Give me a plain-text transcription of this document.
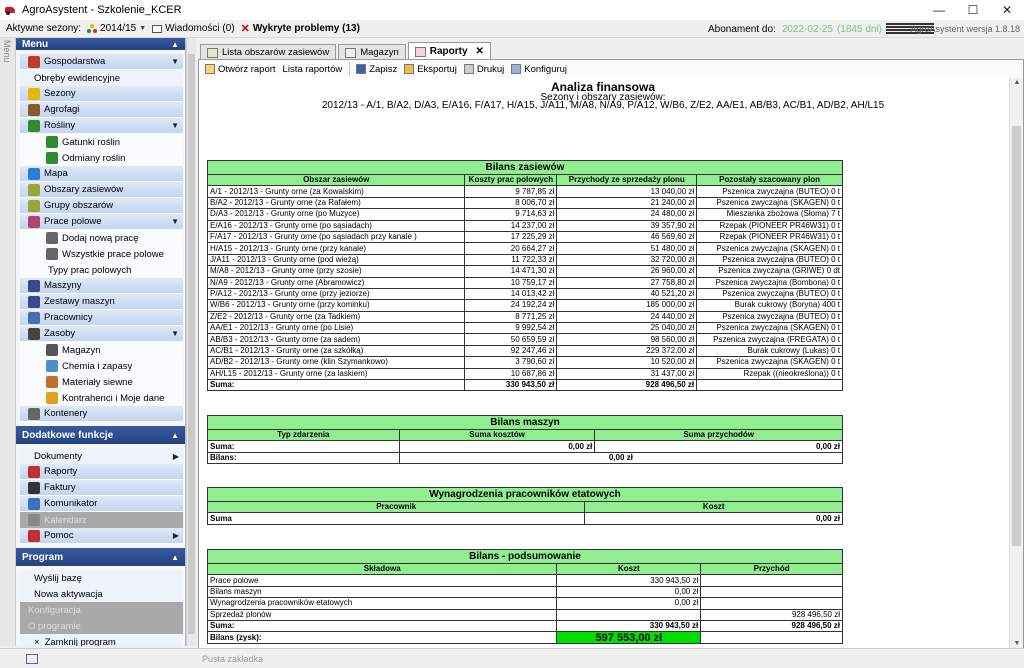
AgroAsystent - Szkolenie_KCER	—	☐	✕
Aktywne sezony: 2014/15 ▼ Wiadomości (0) ✕ Wykryte problemy (13)	Abonament do: 2022-02-25 (1845 dni)	AgroAsystent wersja 1.8.18
Menu Menu	▲
Gospodarstwa	▼
Obręby ewidencyjne
Sezony
Agrofagi
Rośliny	▼
Gatunki roślin
Odmiany roślin
Mapa
Obszary zasiewów
Grupy obszarów
Prace polowe	▼
Dodaj nową pracę
Wszystkie prace polowe
Typy prac polowych
Maszyny
Zestawy maszyn
Pracownicy
Zasoby	▼
Magazyn
Chemia i zapasy
Materiały siewne
Kontrahenci i Moje dane
Kontenery
Dodatkowe funkcje	▲
Dokumenty	▶
Raporty
Faktury
Komunikator
Kalendarz
Pomoc	▶
Program	▲
Wyślij bazę
Nowa aktywacja
Konfiguracja
O programie
× Zamknij program
Lista obszarów zasiewów	Magazyn	Raporty ✕
Otwórz raport Lista raportów	Zapisz Eksportuj Drukuj Konfiguruj
Analiza finansowa
Sezony i obszary zasiewów:
2012/13 - A/1, B/A2, D/A3, E/A16, F/A17, H/A15, J/A11, M/A8, N/A9, P/A12, W/B6, Z/E2, AA/E1, AB/B3, AC/B1, AD/B2, AH/L15
Bilans zasiewów			
Obszar zasiewów	Koszty prac polowych	Przychody ze sprzedaży plonu	Pozostały szacowany plon
A/1 - 2012/13 - Grunty orne (za Kowalskim)	9 787,85 zł	13 040,00 zł	Pszenica zwyczajna (BUTEO) 0 t
B/A2 - 2012/13 - Grunty orne (za Rafałem)	8 006,70 zł	21 240,00 zł	Pszenica zwyczajna (SKAGEN) 0 t
D/A3 - 2012/13 - Grunty orne (po Muzyce)	9 714,63 zł	24 480,00 zł	Mieszanka zbożowa (Słoma) 7 t
E/A16 - 2012/13 - Grunty orne (po sąsiadach)	14 237,00 zł	39 357,90 zł	Rzepak (PIONEER PR46W31) 0 t
F/A17 - 2012/13 - Grunty orne (po sąsiadach przy kanale )	17 225,29 zł	46 569,60 zł	Rzepak (PIONEER PR46W31) 0 t
H/A15 - 2012/13 - Grunty orne (przy kanale)	20 664,27 zł	51 480,00 zł	Pszenica zwyczajna (SKAGEN) 0 t
J/A11 - 2012/13 - Grunty orne (pod wieżą)	11 722,33 zł	32 720,00 zł	Pszenica zwyczajna (BUTEO) 0 t
M/A8 - 2012/13 - Grunty orne (przy szosie)	14 471,30 zł	26 960,00 zł	Pszenica zwyczajna (GRIWE) 0 dt
N/A9 - 2012/13 - Grunty orne (Abramowicz)	10 759,17 zł	27 758,80 zł	Pszenica zwyczajna (Bombona) 0 t
P/A12 - 2012/13 - Grunty orne (przy jeziorze)	14 013,42 zł	40 521,20 zł	Pszenica zwyczajna (BUTEO) 0 t
W/B6 - 2012/13 - Grunty orne (przy kominku)	24 192,24 zł	185 000,00 zł	Burak cukrowy (Boryna) 400 t
Z/E2 - 2012/13 - Grunty orne (za Tadkiem)	8 771,25 zł	24 440,00 zł	Pszenica zwyczajna (BUTEO) 0 t
AA/E1 - 2012/13 - Grunty orne (po Lisie)	9 992,54 zł	25 040,00 zł	Pszenica zwyczajna (SKAGEN) 0 t
AB/B3 - 2012/13 - Grunty orne (za sadem)	50 659,59 zł	98 560,00 zł	Pszenica zwyczajna (FREGATA) 0 t
AC/B1 - 2012/13 - Grunty orne (za szkółką)	92 247,46 zł	229 372,00 zł	Burak cukrowy (Lukas) 0 t
AD/B2 - 2012/13 - Grunty orne (klin Szymankowo)	3 790,60 zł	10 520,00 zł	Pszenica zwyczajna (SKAGEN) 0 t
AH/L15 - 2012/13 - Grunty orne (za laskiem)	10 687,86 zł	31 437,00 zł	Rzepak ((nieokreślona)) 0 t
Suma:	330 943,50 zł	928 496,50 zł	
Bilans maszyn		
Typ zdarzenia	Suma kosztów	Suma przychodów
Suma:	0,00 zł	0,00 zł
Bilans:	0,00 zł	
Wynagrodzenia pracowników etatowych	
Pracownik	Koszt
Suma	0,00 zł
Bilans - podsumowanie		
Składowa	Koszt	Przychód
Prace polowe	330 943,50 zł	
Bilans maszyn	0,00 zł	
Wynagrodzenia pracowników etatowych	0,00 zł	
Sprzedaż plonów		928 496,50 zł
Suma:	330 943,50 zł	928 496,50 zł
Bilans (zysk):	597 553,00 zł	
▲
▼
Pusta zakładka
